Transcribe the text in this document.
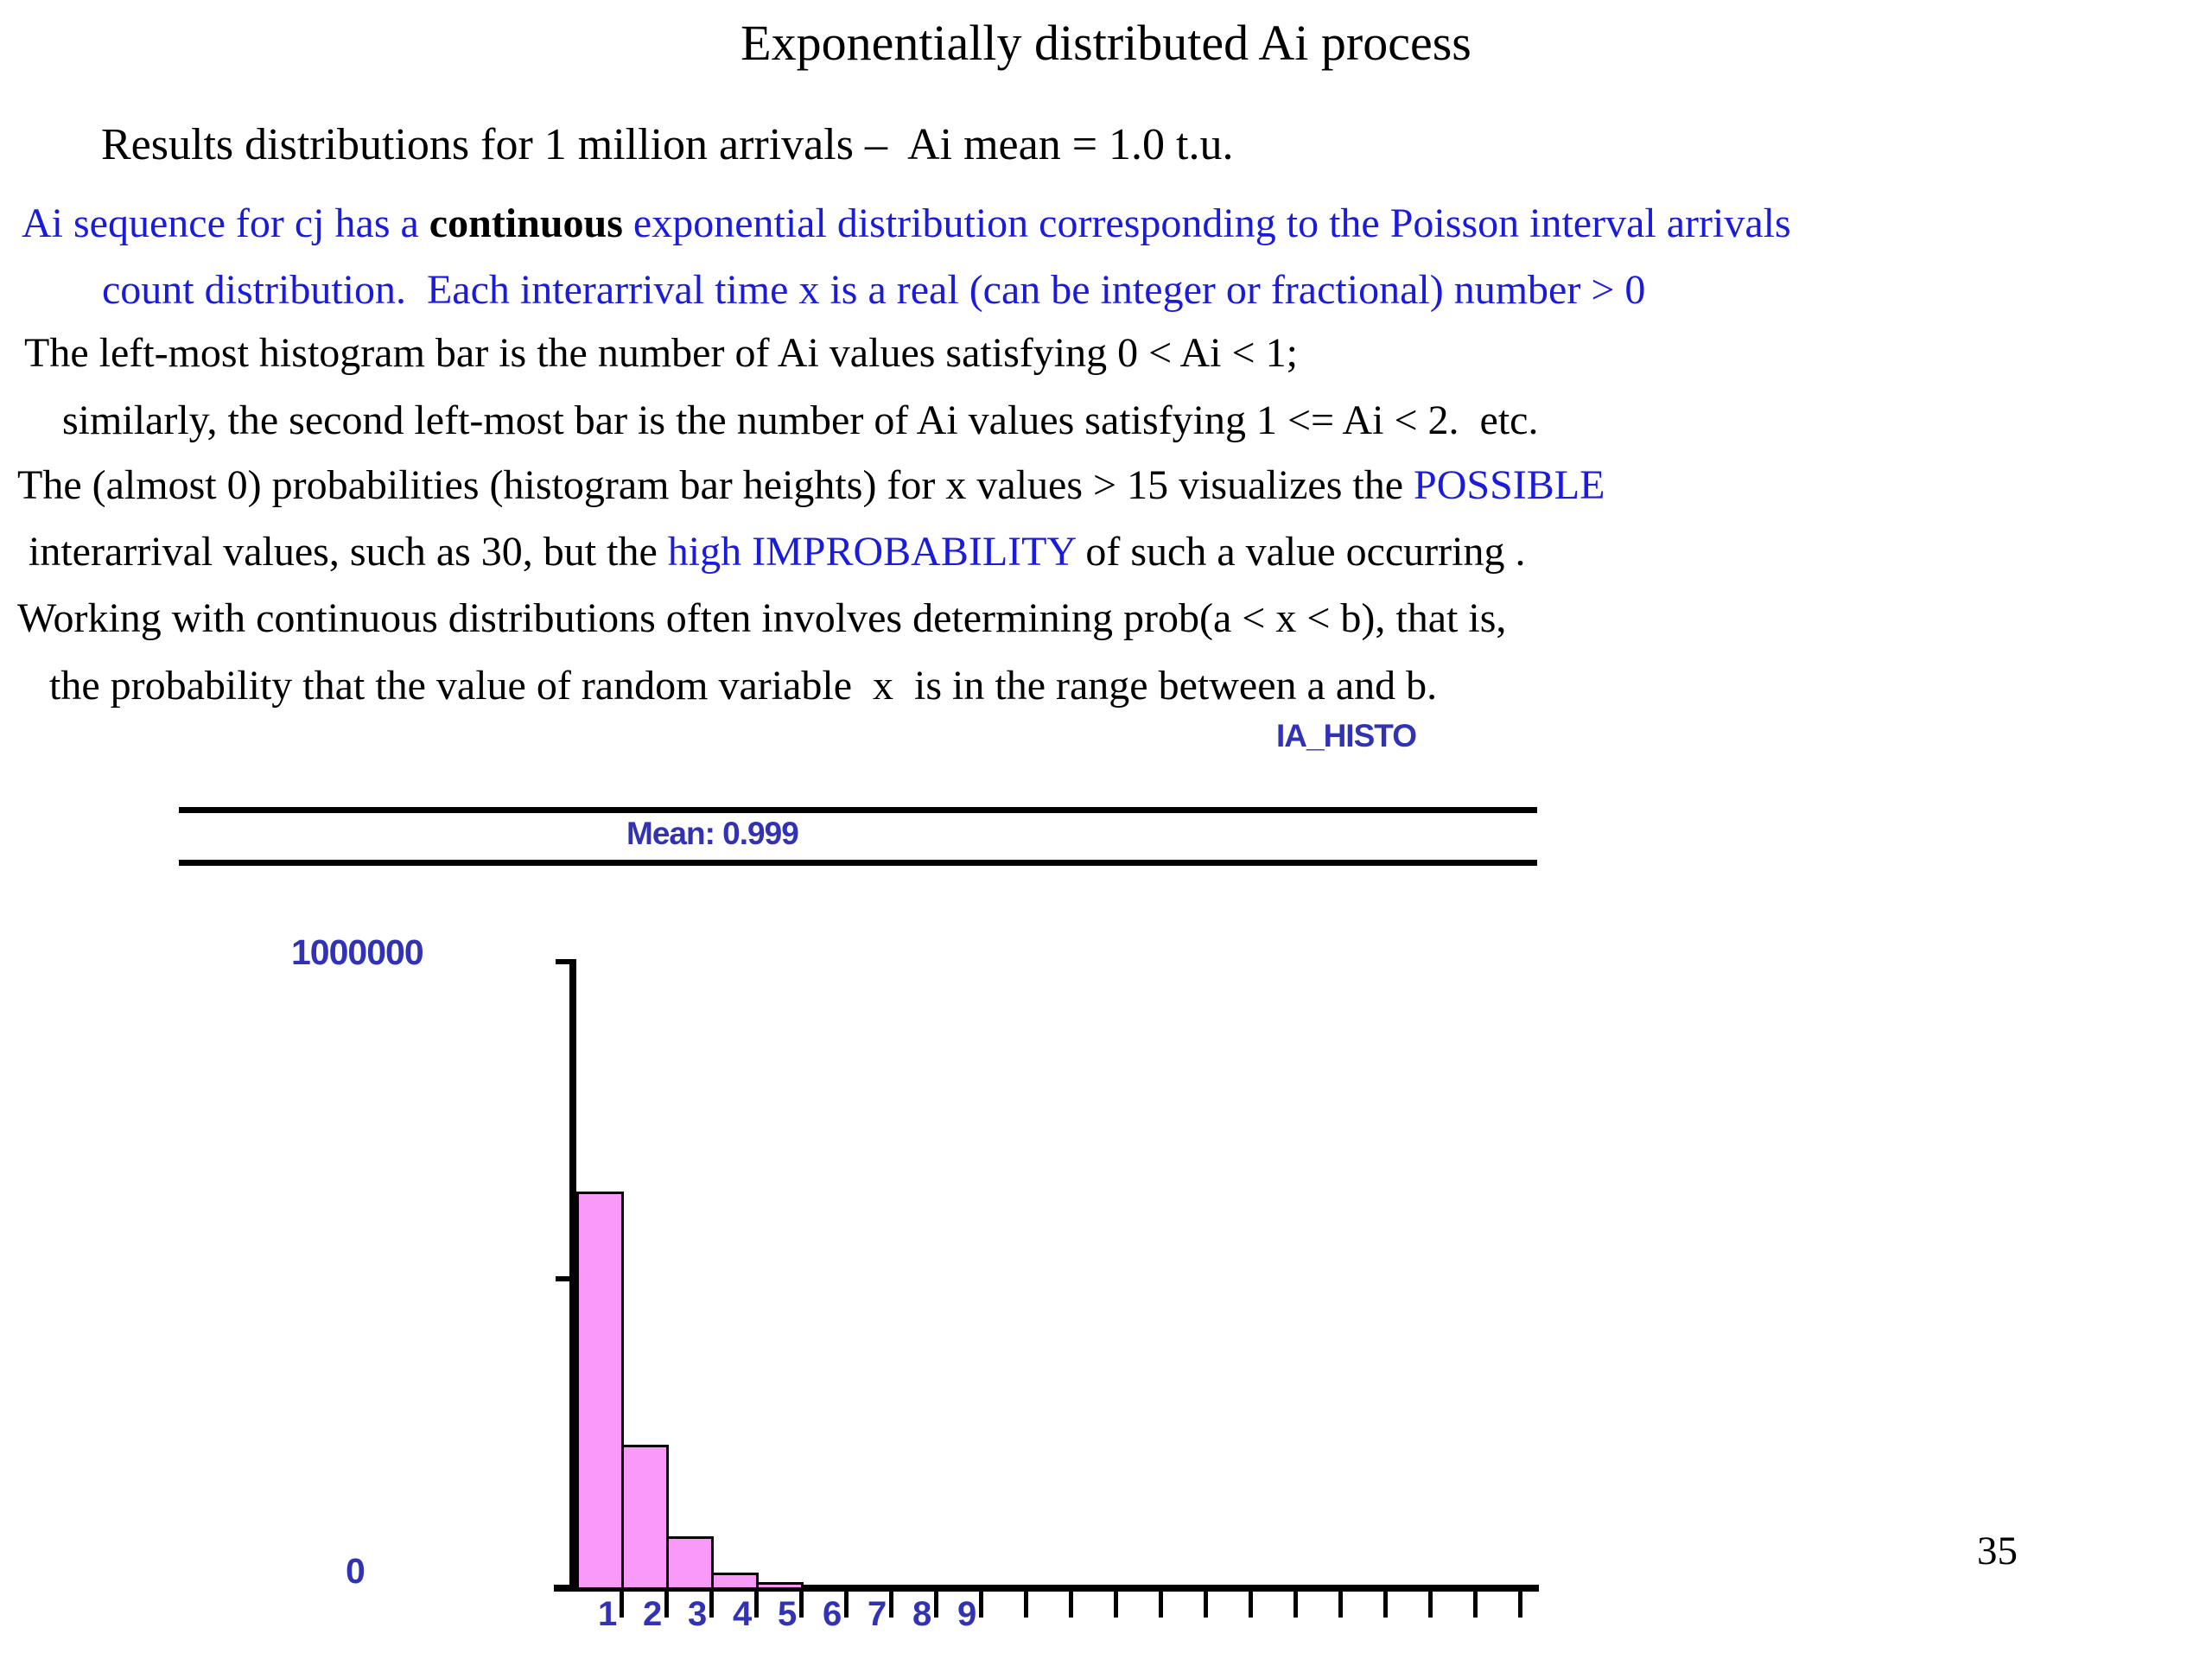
Exponentially distributed Ai process
Results distributions for 1 million arrivals –  Ai mean = 1.0 t.u.
Ai sequence for cj has a continuous exponential distribution corresponding to the Poisson interval arrivals
count distribution.  Each interarrival time x is a real (can be integer or fractional) number > 0
The left-most histogram bar is the number of Ai values satisfying 0 < Ai < 1;
similarly, the second left-most bar is the number of Ai values satisfying 1 <= Ai < 2.  etc.
The (almost 0) probabilities (histogram bar heights) for x values > 15 visualizes the POSSIBLE
interarrival values, such as 30, but the high IMPROBABILITY of such a value occurring .
Working with continuous distributions often involves determining prob(a < x < b), that is,
the probability that the value of random variable  x  is in the range between a and b.
IA_HISTO
Mean: 0.999
1000000
0
1 2 3 4 5 6 7 8 9
35
